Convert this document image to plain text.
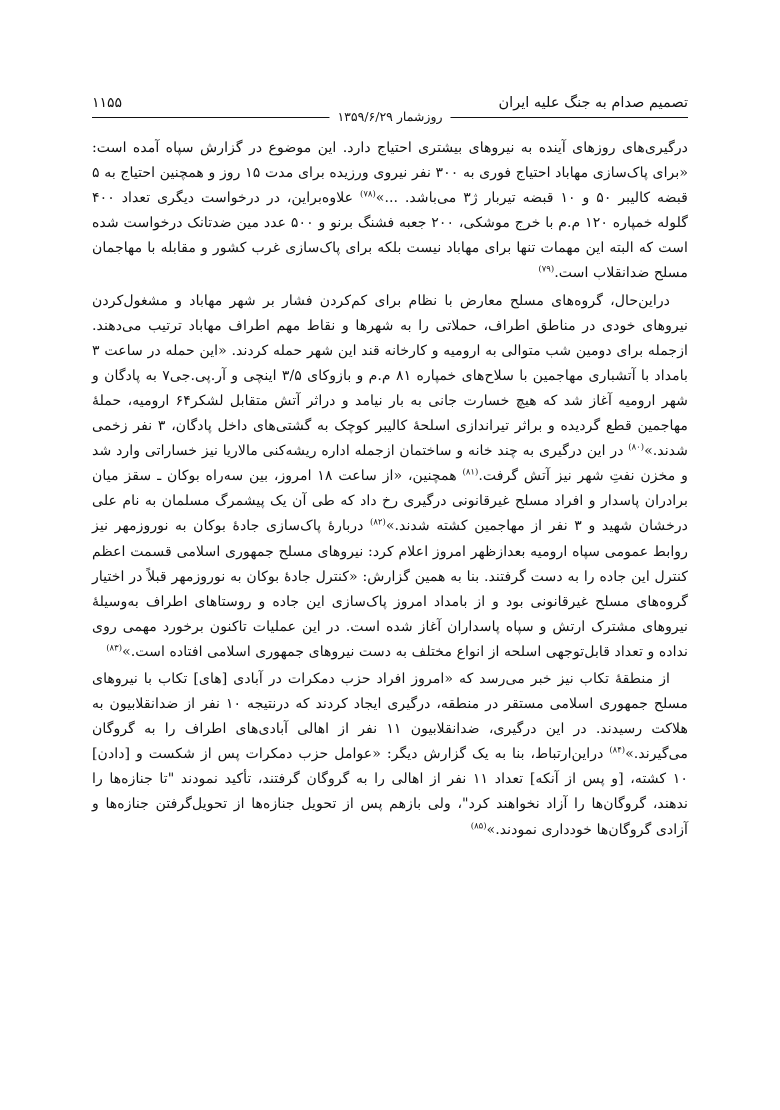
تصمیم صدام به جنگ علیه ایران
۱۱۵۵
روزشمار ۱۳۵۹/۶/۲۹

درگیری‌های روزهای آینده به نیروهای بیشتری احتیاج دارد. این موضوع در گزارش سپاه آمده است: «برای پاک‌سازی مهاباد احتیاج فوری به ۳۰۰ نفر نیروی ورزیده برای مدت ۱۵ روز و همچنین احتیاج به ۵ قبضه کالیبر ۵۰ و ۱۰ قبضه تیربار ژ۳ می‌باشد. ...»$^{(۷۸)}$ علاوه‌براین، در درخواست دیگری تعداد ۴۰۰ گلوله خمپاره ۱۲۰ م.م با خرج موشکی، ۲۰۰ جعبه فشنگ برنو و ۵۰۰ عدد مین ضدتانک درخواست شده است که البته این مهمات تنها برای مهاباد نیست بلکه برای پاک‌سازی غرب کشور و مقابله با مهاجمان مسلح ضدانقلاب است.$^{(۷۹)}$

دراین‌حال، گروه‌های مسلح معارض با نظام برای کم‌کردن فشار بر شهر مهاباد و مشغول‌کردن نیروهای خودی در مناطق اطراف، حملاتی را به شهرها و نقاط مهم اطراف مهاباد ترتیب می‌دهند. ازجمله برای دومین شب متوالی به ارومیه و کارخانه قند این شهر حمله کردند. «این حمله در ساعت ۳ بامداد با آتشباری مهاجمین با سلاح‌های خمپاره ۸۱ م.م و بازوکای ۳/۵ اینچی و آر.پی.جی۷ به پادگان و شهر ارومیه آغاز شد که هیچ خسارت جانی به بار نیامد و دراثر آتش متقابل لشکر۶۴ ارومیه، حملهٔ مهاجمین قطع گردیده و براثر تیراندازی اسلحهٔ کالیبر کوچک به گشتی‌های داخل پادگان، ۳ نفر زخمی شدند.»$^{(۸۰)}$ در این درگیری به چند خانه و ساختمان ازجمله اداره ریشه‌کنی مالاریا نیز خساراتی وارد شد و مخزن نفتِ شهر نیز آتش گرفت.$^{(۸۱)}$ همچنین، «از ساعت ۱۸ امروز، بین سه‌راه بوکان ـ سقز میان برادران پاسدار و افراد مسلح غیرقانونی درگیری رخ داد که طی آن یک پیشمرگ مسلمان به نام علی درخشان شهید و ۳ نفر از مهاجمین کشته شدند.»$^{(۸۲)}$ دربارهٔ پاک‌سازی جادهٔ بوکان به نوروزمهر نیز روابط عمومی سپاه ارومیه بعدازظهر امروز اعلام کرد: نیروهای مسلح جمهوری اسلامی قسمت اعظم کنترل این جاده را به دست گرفتند. بنا به همین گزارش: «کنترل جادهٔ بوکان به نوروزمهر قبلاً در اختیار گروه‌های مسلح غیرقانونی بود و از بامداد امروز پاک‌سازی این جاده و روستاهای اطراف به‌وسیلهٔ نیروهای مشترک ارتش و سپاه پاسداران آغاز شده است. در این عملیات تاکنون برخورد مهمی روی نداده و تعداد قابل‌توجهی اسلحه از انواع مختلف به دست نیروهای جمهوری اسلامی افتاده است.»$^{(۸۳)}$

از منطقهٔ تکاب نیز خبر می‌رسد که «امروز افراد حزب دمکرات در آبادی [های] تکاب با نیروهای مسلح جمهوری اسلامی مستقر در منطقه، درگیری ایجاد کردند که درنتیجه ۱۰ نفر از ضدانقلابیون به هلاکت رسیدند. در این درگیری، ضدانقلابیون ۱۱ نفر از اهالی آبادی‌های اطراف را به گروگان می‌گیرند.»$^{(۸۴)}$ دراین‌ارتباط، بنا به یک گزارش دیگر: «عوامل حزب دمکرات پس از شکست و [دادن] ۱۰ کشته، [و پس از آنکه] تعداد ۱۱ نفر از اهالی را به گروگان گرفتند، تأکید نمودند "تا جنازه‌ها را ندهند، گروگان‌ها را آزاد نخواهند کرد"، ولی بازهم پس از تحویل جنازه‌ها از تحویل‌گرفتن جنازه‌ها و آزادی گروگان‌ها خودداری نمودند.»$^{(۸۵)}$
